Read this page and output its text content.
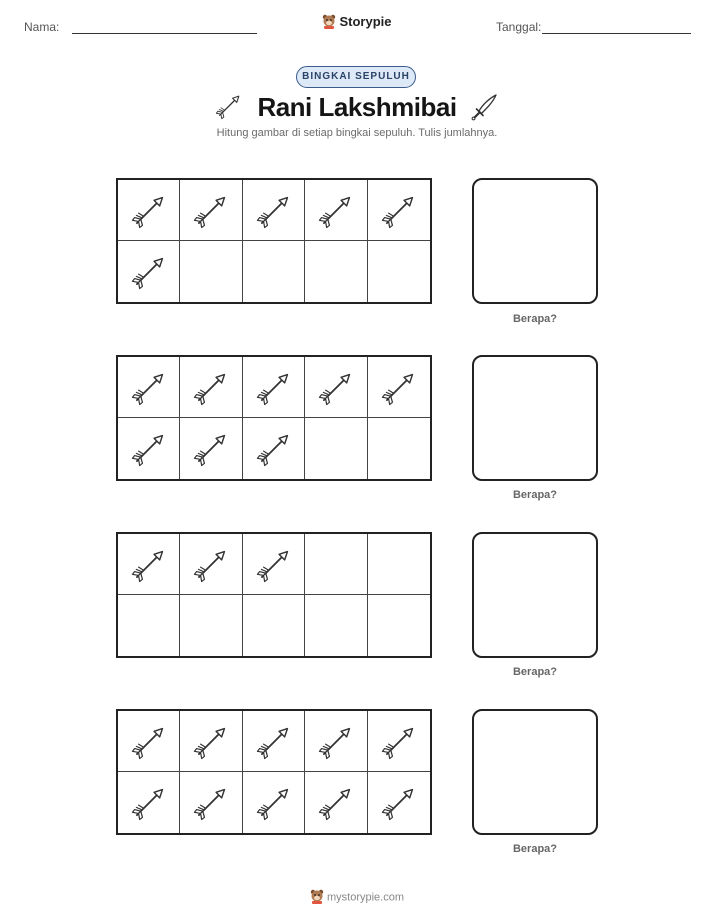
Nama:	Storypie	Tanggal:
BINGKAI SEPULUH
Rani Lakshmibai
Hitung gambar di setiap bingkai sepuluh. Tulis jumlahnya.
Berapa?
Berapa?
Berapa?
Berapa?
mystorypie.com
